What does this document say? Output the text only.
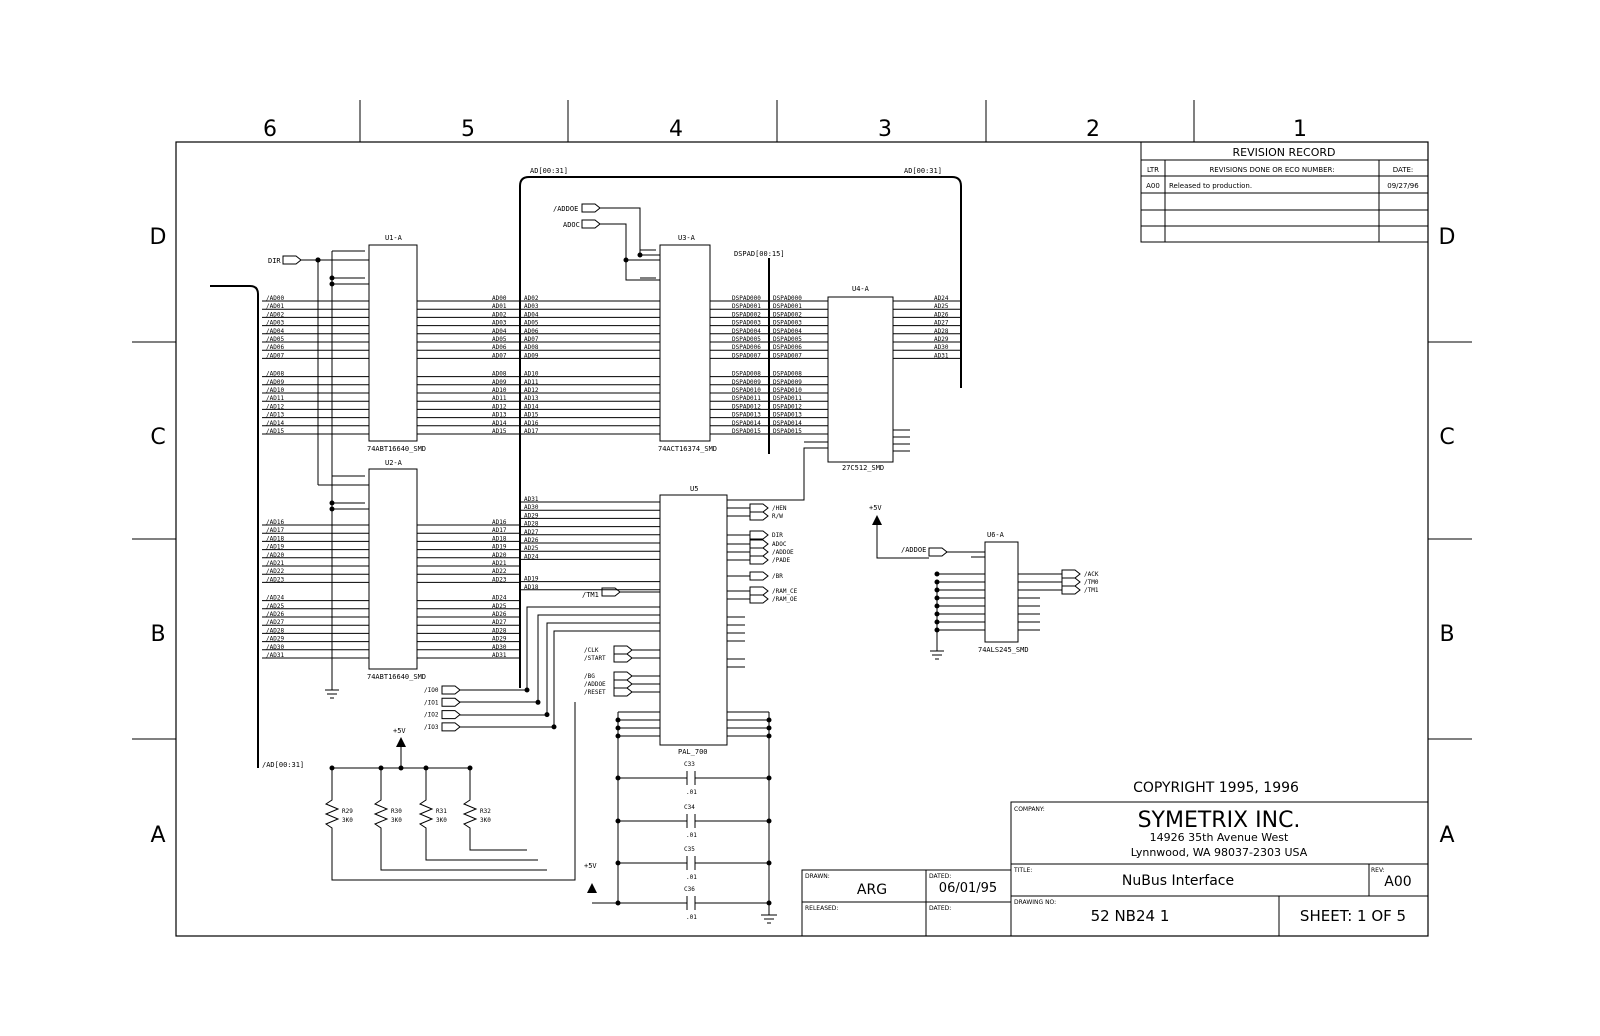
6	5	4	3	2	1
D
C
B
A
D
C
B
A
REVISION RECORD
LTR	REVISIONS DONE OR ECO NUMBER:	DATE:
A00 Released to production.	09/27/96
COPYRIGHT 1995, 1996
COMPANY:	SYMETRIX INC.
14926 35th Avenue West
Lynnwood, WA 98037-2303 USA
TITLE:
NuBus Interface
REV:
A00
DRAWN:
ARG
DATED:
06/01/95
RELEASED:	DATED:
DRAWING NO:
52 NB24 1	SHEET: 1 OF 5
AD[00:31]	AD[00:31]
DSPAD[00:15]
/AD[00:31]
U1-A
74ABT16640_SMD
U2-A
74ABT16640_SMD
U3-A
74ACT16374_SMD
U4-A
27C512_SMD
U5
PAL_700
U6-A
74ALS245_SMD
/AD00	AD00
/AD01	AD01
/AD02	AD02
/AD03	AD03
/AD04	AD04
/AD05	AD05
/AD06	AD06
/AD07	AD07
/AD08	AD08
/AD09	AD09
/AD10	AD10
/AD11	AD11
/AD12	AD12
/AD13	AD13
/AD14	AD14
/AD15	AD15
/AD16	AD16
/AD17	AD17
/AD18	AD18
/AD19	AD19
/AD20	AD20
/AD21	AD21
/AD22	AD22
/AD23	AD23
/AD24	AD24
/AD25	AD25
/AD26	AD26
/AD27	AD27
/AD28	AD28
/AD29	AD29
/AD30	AD30
/AD31	AD31
AD02
AD03
AD04
AD05
AD06
AD07
AD08
AD09
AD10
AD11
AD12
AD13
AD14
AD15
AD16
AD17
DSPAD000
DSPAD001
DSPAD002
DSPAD003
DSPAD004
DSPAD005
DSPAD006
DSPAD007
DSPAD008
DSPAD009
DSPAD010
DSPAD011
DSPAD012
DSPAD013
DSPAD014
DSPAD015
DSPAD000
DSPAD001
DSPAD002
DSPAD003
DSPAD004
DSPAD005
DSPAD006
DSPAD007
DSPAD008
DSPAD009
DSPAD010
DSPAD011
DSPAD012
DSPAD013
DSPAD014
DSPAD015
AD24
AD25
AD26
AD27
AD28
AD29
AD30
AD31
AD31
AD30
AD29
AD28
AD27
AD26
AD25
AD24
AD19
AD18
/IO0
/IO1
/IO2
/IO3
/CLK
/START
/BG
/ADDOE
/RESET
/HEN
R/W
DIR
ADOC
/ADDOE
/PADE
/BR
/RAM_CE
/RAM_OE
/ACK
/TM0
/TM1
R29
3K0
R30
3K0
R31
3K0
R32
3K0
C33
.01
C34
.01
C35
.01
C36
.01
+5V
+5V
+5V
DIR
/ADDOE
ADOC
/TM1
/ADDOE
